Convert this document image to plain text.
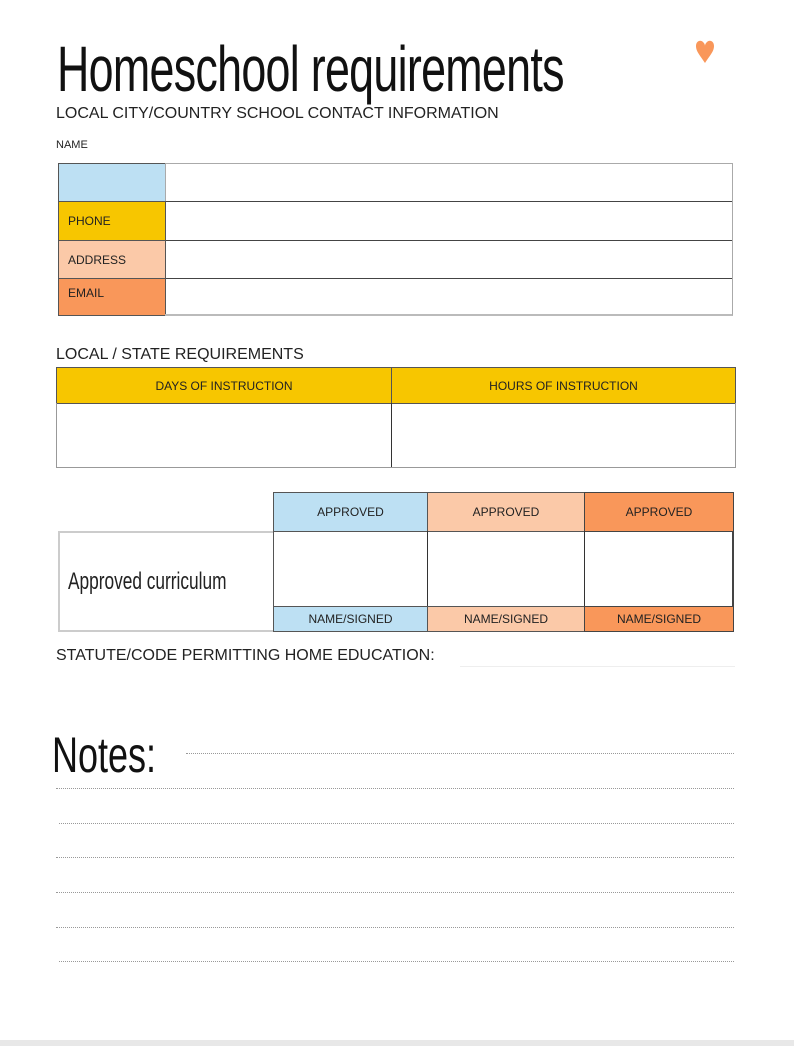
Homeschool requirements
LOCAL CITY/COUNTRY SCHOOL CONTACT INFORMATION
NAME
PHONE
ADDRESS
EMAIL
LOCAL / STATE REQUIREMENTS
DAYS OF INSTRUCTION	HOURS OF INSTRUCTION
Approved curriculum
APPROVED	APPROVED	APPROVED
NAME/SIGNED	NAME/SIGNED	NAME/SIGNED
STATUTE/CODE PERMITTING HOME EDUCATION:
Notes:
